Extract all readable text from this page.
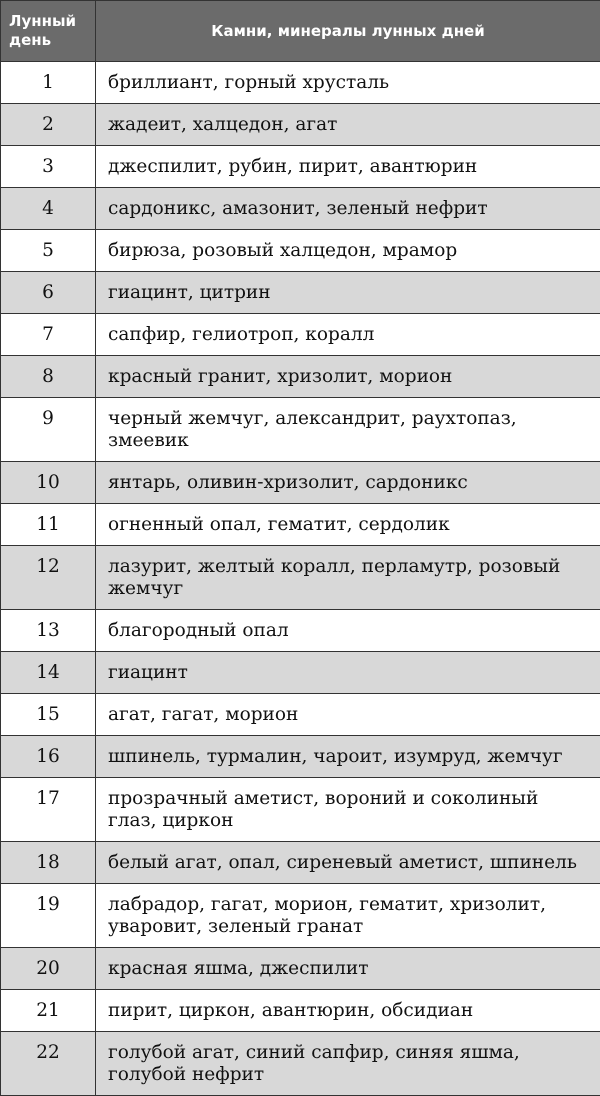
Лунный день	Камни, минералы лунных дней
1	бриллиант, горный хрусталь
2	жадеит, халцедон, агат
3	джеспилит, рубин, пирит, авантюрин
4	сардоникс, амазонит, зеленый нефрит
5	бирюза, розовый халцедон, мрамор
6	гиацинт, цитрин
7	сапфир, гелиотроп, коралл
8	красный гранит, хризолит, морион
9	черный жемчуг, александрит, раухтопаз, змеевик
10	янтарь, оливин-хризолит, сардоникс
11	огненный опал, гематит, сердолик
12	лазурит, желтый коралл, перламутр, розовый жемчуг
13	благородный опал
14	гиацинт
15	агат, гагат, морион
16	шпинель, турмалин, чароит, изумруд, жемчуг
17	прозрачный аметист, вороний и соколиный глаз, циркон
18	белый агат, опал, сиреневый аметист, шпинель
19	лабрадор, гагат, морион, гематит, хризолит, уваровит, зеленый гранат
20	красная яшма, джеспилит
21	пирит, циркон, авантюрин, обсидиан
22	голубой агат, синий сапфир, синяя яшма, голубой нефрит
